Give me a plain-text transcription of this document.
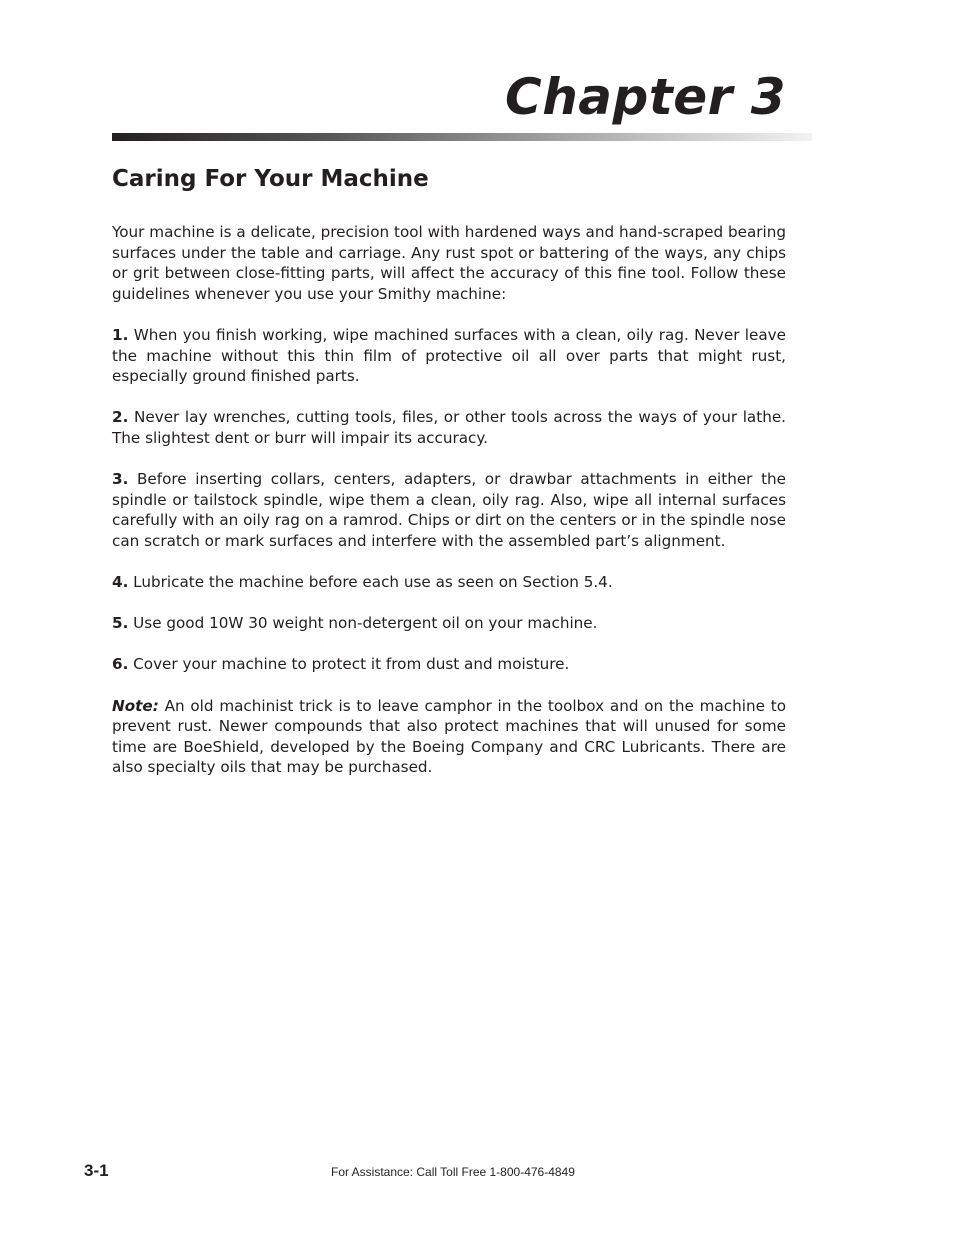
Chapter 3
Caring For Your Machine

Your machine is a delicate, precision tool with hardened ways and hand-scraped bearing surfaces under the table and carriage. Any rust spot or battering of the ways, any chips or grit between close-fitting parts, will affect the accuracy of this fine tool. Follow these guidelines whenever you use your Smithy machine:

1. When you finish working, wipe machined surfaces with a clean, oily rag. Never leave the machine without this thin film of protective oil all over parts that might rust, especially ground finished parts.

2. Never lay wrenches, cutting tools, files, or other tools across the ways of your lathe. The slightest dent or burr will impair its accuracy.

3. Before inserting collars, centers, adapters, or drawbar attachments in either the spindle or tailstock spindle, wipe them a clean, oily rag. Also, wipe all internal surfaces carefully with an oily rag on a ramrod. Chips or dirt on the centers or in the spindle nose can scratch or mark surfaces and interfere with the assembled part’s alignment.

4. Lubricate the machine before each use as seen on Section 5.4.

5. Use good 10W 30 weight non-detergent oil on your machine.

6. Cover your machine to protect it from dust and moisture.

Note: An old machinist trick is to leave camphor in the toolbox and on the machine to prevent rust. Newer compounds that also protect machines that will unused for some time are BoeShield, developed by the Boeing Company and CRC Lubricants. There are also specialty oils that may be purchased.

3-1	For Assistance: Call Toll Free 1-800-476-4849
